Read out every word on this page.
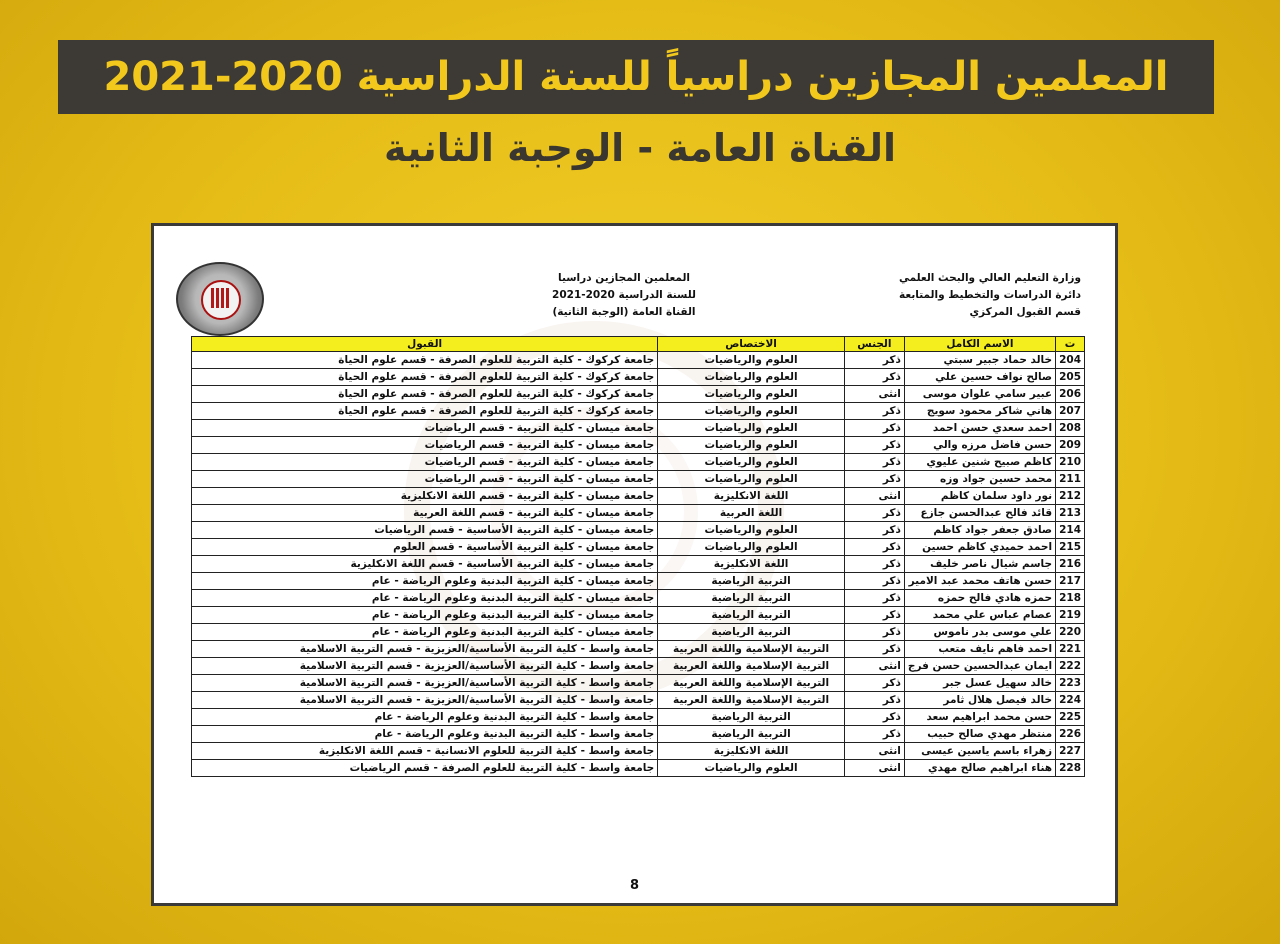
المعلمين المجازين دراسياً للسنة الدراسية 2020-2021
القناة العامة - الوجبة الثانية
وزارة التعليم العالي والبحث العلمي
دائرة الدراسات والتخطيط والمتابعة
قسم القبول المركزي
المعلمين المجازين دراسيا
للسنة الدراسية 2020-2021
القناة العامة (الوجبة الثانية)
ت	الاسم الكامل	الجنس	الاختصاص	القبول
204	خالد حماد جبير سبتي	ذكر	العلوم والرياضيات	جامعة كركوك - كلية التربية للعلوم الصرفة - قسم علوم الحياة
205	صالح نواف حسين علي	ذكر	العلوم والرياضيات	جامعة كركوك - كلية التربية للعلوم الصرفة - قسم علوم الحياة
206	عبير سامي علوان موسى	انثى	العلوم والرياضيات	جامعة كركوك - كلية التربية للعلوم الصرفة - قسم علوم الحياة
207	هاني شاكر محمود سويج	ذكر	العلوم والرياضيات	جامعة كركوك - كلية التربية للعلوم الصرفة - قسم علوم الحياة
208	احمد سعدي حسن احمد	ذكر	العلوم والرياضيات	جامعة ميسان - كلية التربية - قسم الرياضيات
209	حسن فاضل مرزه والي	ذكر	العلوم والرياضيات	جامعة ميسان - كلية التربية - قسم الرياضيات
210	كاظم صبيح شنين عليوي	ذكر	العلوم والرياضيات	جامعة ميسان - كلية التربية - قسم الرياضيات
211	محمد حسين جواد وزه	ذكر	العلوم والرياضيات	جامعة ميسان - كلية التربية - قسم الرياضيات
212	نور داود سلمان كاظم	انثى	اللغة الانكليزية	جامعة ميسان - كلية التربية - قسم اللغة الانكليزية
213	قائد فالح عبدالحسن جازع	ذكر	اللغة العربية	جامعة ميسان - كلية التربية - قسم اللغة العربية
214	صادق جعفر جواد كاظم	ذكر	العلوم والرياضيات	جامعة ميسان - كلية التربية الأساسية - قسم الرياضيات
215	احمد حميدي كاظم حسين	ذكر	العلوم والرياضيات	جامعة ميسان - كلية التربية الأساسية - قسم العلوم
216	جاسم شيال ناصر خليف	ذكر	اللغة الانكليزية	جامعة ميسان - كلية التربية الأساسية - قسم اللغة الانكليزية
217	حسن هاتف محمد عبد الامير	ذكر	التربية الرياضية	جامعة ميسان - كلية التربية البدنية وعلوم الرياضة - عام
218	حمزه هادي فالح حمزه	ذكر	التربية الرياضية	جامعة ميسان - كلية التربية البدنية وعلوم الرياضة - عام
219	عصام عباس علي محمد	ذكر	التربية الرياضية	جامعة ميسان - كلية التربية البدنية وعلوم الرياضة - عام
220	علي موسى بدر ناموس	ذكر	التربية الرياضية	جامعة ميسان - كلية التربية البدنية وعلوم الرياضة - عام
221	احمد فاهم نايف متعب	ذكر	التربية الإسلامية واللغة العربية	جامعة واسط - كلية التربية الأساسية/العزيزية - قسم التربية الاسلامية
222	ايمان عبدالحسين حسن فرج	انثى	التربية الإسلامية واللغة العربية	جامعة واسط - كلية التربية الأساسية/العزيزية - قسم التربية الاسلامية
223	خالد سهيل عسل جبر	ذكر	التربية الإسلامية واللغة العربية	جامعة واسط - كلية التربية الأساسية/العزيزية - قسم التربية الاسلامية
224	خالد فيصل هلال ثامر	ذكر	التربية الإسلامية واللغة العربية	جامعة واسط - كلية التربية الأساسية/العزيزية - قسم التربية الاسلامية
225	حسن محمد ابراهيم سعد	ذكر	التربية الرياضية	جامعة واسط - كلية التربية البدنية وعلوم الرياضة - عام
226	منتظر مهدي صالح حبيب	ذكر	التربية الرياضية	جامعة واسط - كلية التربية البدنية وعلوم الرياضة - عام
227	زهراء باسم ياسين عيسى	انثى	اللغة الانكليزية	جامعة واسط - كلية التربية للعلوم الانسانية - قسم اللغة الانكليزية
228	هناء ابراهيم صالح مهدي	انثى	العلوم والرياضيات	جامعة واسط - كلية التربية للعلوم الصرفة - قسم الرياضيات
8
